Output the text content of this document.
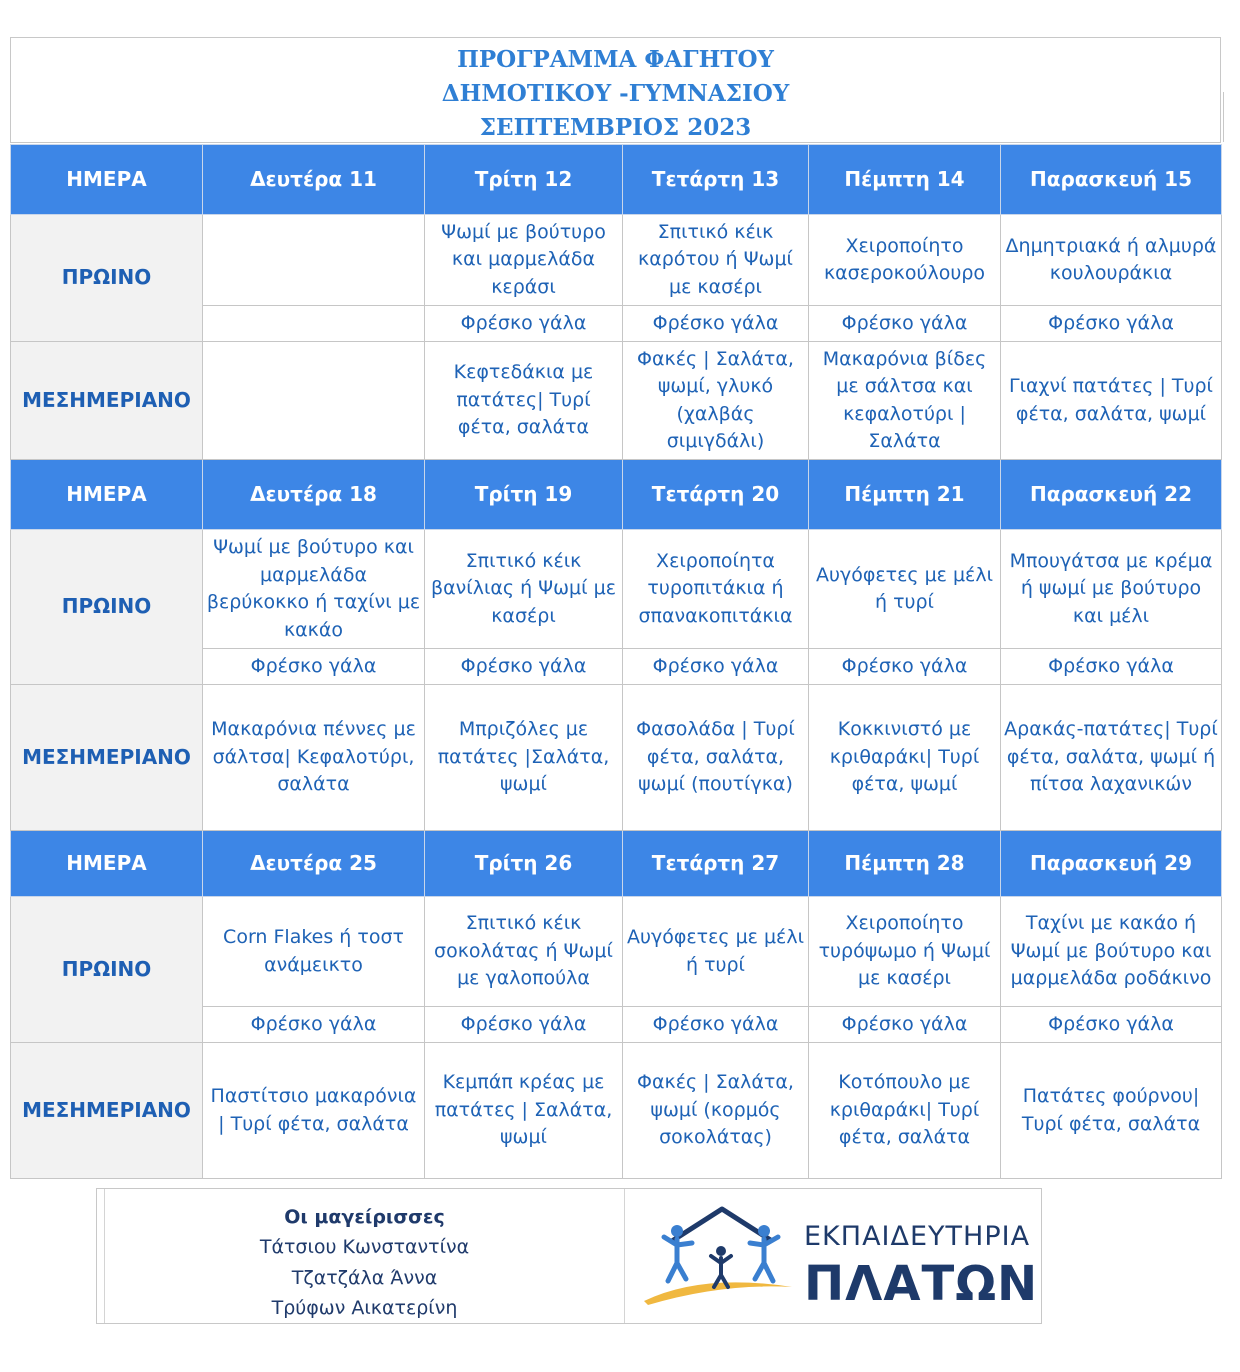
ΠΡΟΓΡΑΜΜΑ ΦΑΓΗΤΟΥ
ΔΗΜΟΤΙΚΟΥ -ΓΥΜΝΑΣΙΟΥ
ΣΕΠΤΕΜΒΡΙΟΣ 2023
ΗΜΕΡΑ	Δευτέρα 11	Τρίτη 12	Τετάρτη 13	Πέμπτη 14	Παρασκευή 15
ΠΡΩΙΝΟ		Ψωμί με βούτυρο και μαρμελάδα κεράσι	Σπιτικό κέικ καρότου ή Ψωμί με κασέρι	Χειροποίητο κασεροκούλουρο	Δημητριακά ή αλμυρά κουλουράκια
		Φρέσκο γάλα	Φρέσκο γάλα	Φρέσκο γάλα	Φρέσκο γάλα
ΜΕΣΗΜΕΡΙΑΝΟ		Κεφτεδάκια με πατάτες| Τυρί φέτα, σαλάτα	Φακές | Σαλάτα, ψωμί, γλυκό (χαλβάς σιμιγδάλι)	Μακαρόνια βίδες με σάλτσα και κεφαλοτύρι | Σαλάτα	Γιαχνί πατάτες | Τυρί φέτα, σαλάτα, ψωμί
ΗΜΕΡΑ	Δευτέρα 18	Τρίτη 19	Τετάρτη 20	Πέμπτη 21	Παρασκευή 22
ΠΡΩΙΝΟ	Ψωμί με βούτυρο και μαρμελάδα βερύκοκκο ή ταχίνι με κακάο	Σπιτικό κέικ βανίλιας ή Ψωμί με κασέρι	Χειροποίητα τυροπιτάκια ή σπανακοπιτάκια	Αυγόφετες με μέλι ή τυρί	Μπουγάτσα με κρέμα ή ψωμί με βούτυρο και μέλι
	Φρέσκο γάλα	Φρέσκο γάλα	Φρέσκο γάλα	Φρέσκο γάλα	Φρέσκο γάλα
ΜΕΣΗΜΕΡΙΑΝΟ	Μακαρόνια πέννες με σάλτσα| Κεφαλοτύρι, σαλάτα	Μπριζόλες με πατάτες |Σαλάτα, ψωμί	Φασολάδα | Τυρί φέτα, σαλάτα, ψωμί (πουτίγκα)	Κοκκινιστό με κριθαράκι| Τυρί φέτα, ψωμί	Αρακάς-πατάτες| Τυρί φέτα, σαλάτα, ψωμί ή πίτσα λαχανικών
ΗΜΕΡΑ	Δευτέρα 25	Τρίτη 26	Τετάρτη 27	Πέμπτη 28	Παρασκευή 29
ΠΡΩΙΝΟ	Corn Flakes ή τοστ ανάμεικτο	Σπιτικό κέικ σοκολάτας ή Ψωμί με γαλοπούλα	Αυγόφετες με μέλι ή τυρί	Χειροποίητο τυρόψωμο ή Ψωμί με κασέρι	Ταχίνι με κακάο ή Ψωμί με βούτυρο και μαρμελάδα ροδάκινο
	Φρέσκο γάλα	Φρέσκο γάλα	Φρέσκο γάλα	Φρέσκο γάλα	Φρέσκο γάλα
ΜΕΣΗΜΕΡΙΑΝΟ	Παστίτσιο μακαρόνια | Τυρί φέτα, σαλάτα	Κεμπάπ κρέας με πατάτες | Σαλάτα, ψωμί	Φακές | Σαλάτα, ψωμί (κορμός σοκολάτας)	Κοτόπουλο με κριθαράκι| Τυρί φέτα, σαλάτα	Πατάτες φούρνου| Τυρί φέτα, σαλάτα
Οι μαγείρισσες
Τάτσιου Κωνσταντίνα
Τζατζάλα Άννα
Τρύφων Αικατερίνη
ΕΚΠΑΙΔΕΥΤΗΡΙΑ
ΠΛΑΤΩΝ
